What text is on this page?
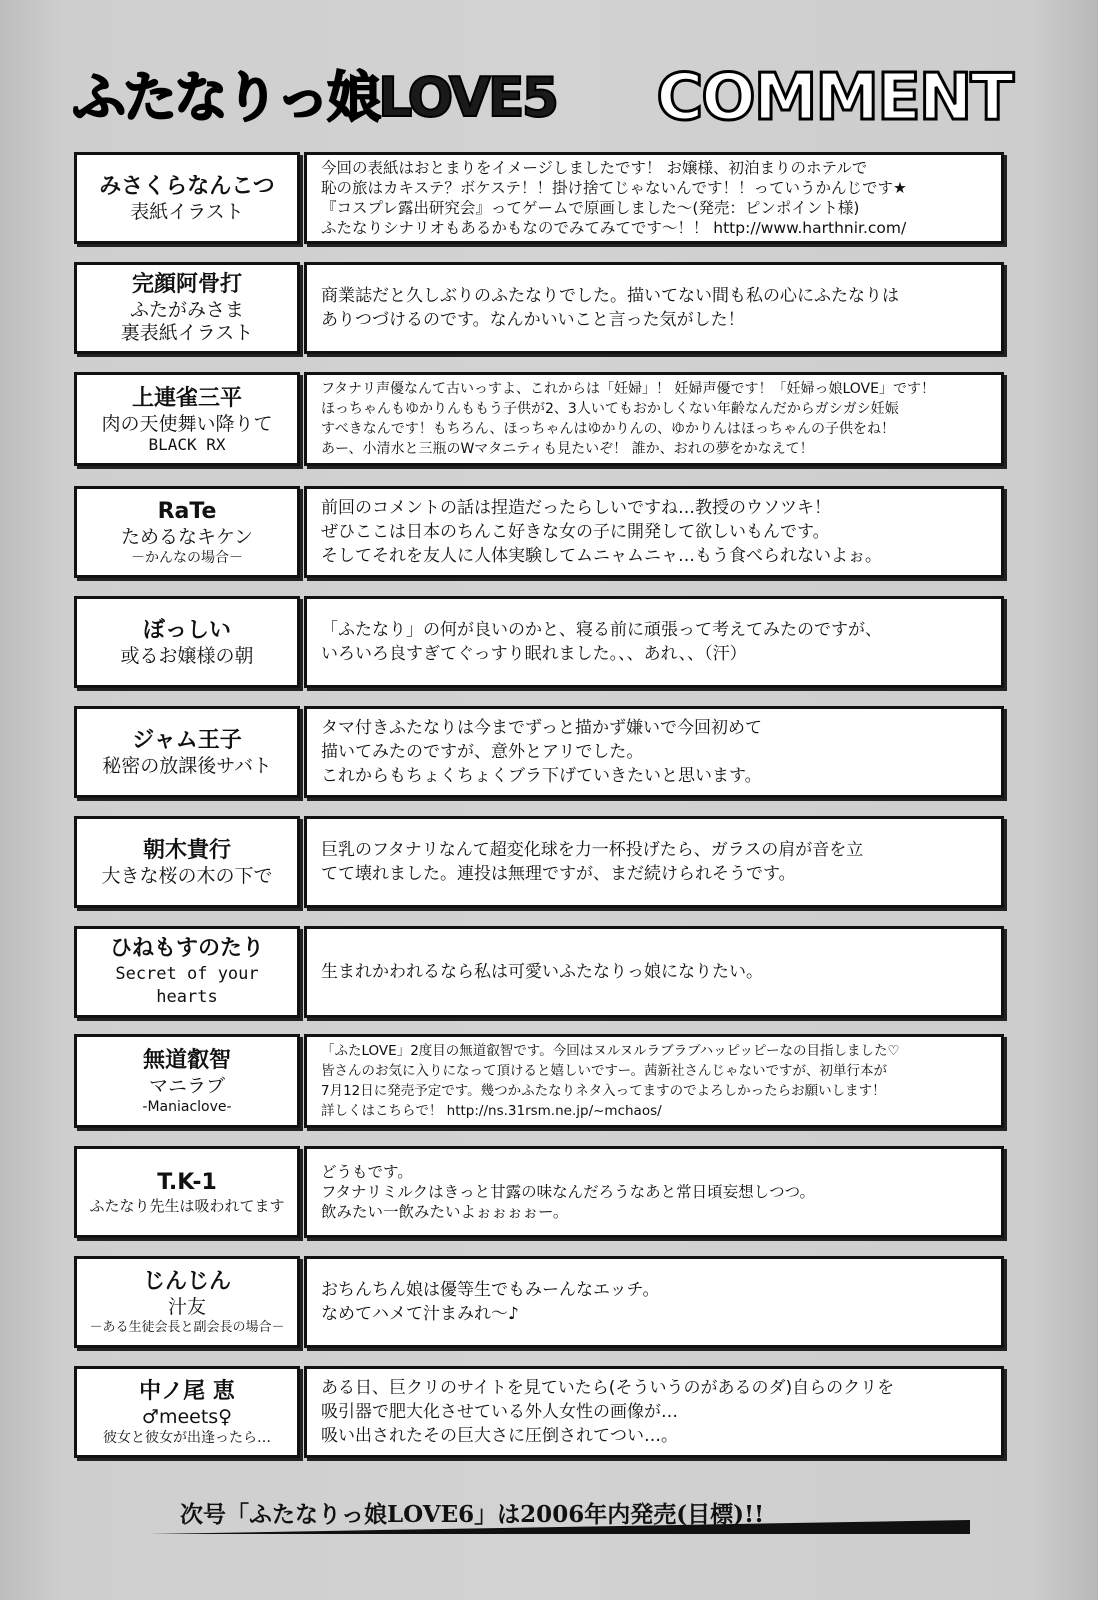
ふたなりっ娘LOVE5 COMMENT
みさくらなんこつ
表紙イラスト
今回の表紙はおとまりをイメージしましたです！ お嬢様、初泊まりのホテルで
恥の旅はカキステ？ボケステ！！掛け捨てじゃないんです！！っていうかんじです★
『コスプレ露出研究会』ってゲームで原画しました～(発売：ピンポイント様)
ふたなりシナリオもあるかもなのでみてみてです～！！ http://www.harthnir.com/
完顔阿骨打
ふたがみさま
裏表紙イラスト
商業誌だと久しぶりのふたなりでした。描いてない間も私の心にふたなりは
ありつづけるのです。なんかいいこと言った気がした！
上連雀三平
肉の天使舞い降りて
BLACK RX
フタナリ声優なんて古いっすよ、これからは「妊婦」！ 妊婦声優です！「妊婦っ娘LOVE」です！
ほっちゃんもゆかりんももう子供が2、3人いてもおかしくない年齢なんだからガシガシ妊娠
すべきなんです！もちろん、ほっちゃんはゆかりんの、ゆかりんはほっちゃんの子供をね！
あー、小清水と三瓶のWマタニティも見たいぞ！ 誰か、おれの夢をかなえて！
RaTe
ためるなキケン
－かんなの場合－
前回のコメントの話は捏造だったらしいですね…教授のウソツキ！
ぜひここは日本のちんこ好きな女の子に開発して欲しいもんです。
そしてそれを友人に人体実験してムニャムニャ…もう食べられないよぉ。
ぼっしい
或るお嬢様の朝
「ふたなり」の何が良いのかと、寝る前に頑張って考えてみたのですが、
いろいろ良すぎてぐっすり眠れました。、、あれ、、（汗）
ジャム王子
秘密の放課後サバト
タマ付きふたなりは今までずっと描かず嫌いで今回初めて
描いてみたのですが、意外とアリでした。
これからもちょくちょくブラ下げていきたいと思います。
朝木貴行
大きな桜の木の下で
巨乳のフタナリなんて超変化球を力一杯投げたら、ガラスの肩が音を立
てて壊れました。連投は無理ですが、まだ続けられそうです。
ひねもすのたり
Secret of your hearts
生まれかわれるなら私は可愛いふたなりっ娘になりたい。
無道叡智
マニラブ
-Maniaclove-
「ふたLOVE」2度目の無道叡智です。今回はヌルヌルラブラブハッピッピーなの目指しました♡
皆さんのお気に入りになって頂けると嬉しいですー。茜新社さんじゃないですが、初単行本が
7月12日に発売予定です。幾つかふたなりネタ入ってますのでよろしかったらお願いします！
詳しくはこちらで！ http://ns.31rsm.ne.jp/~mchaos/
T.K-1
ふたなり先生は吸われてます
どうもです。
フタナリミルクはきっと甘露の味なんだろうなあと常日頃妄想しつつ。
飲みたい一飲みたいよぉぉぉぉー。
じんじん
汁友
－ある生徒会長と副会長の場合－
おちんちん娘は優等生でもみーんなエッチ。
なめてハメて汁まみれ～♪
中ノ尾 恵
♂meets♀
彼女と彼女が出逢ったら…
ある日、巨クリのサイトを見ていたら(そういうのがあるのダ)自らのクリを
吸引器で肥大化させている外人女性の画像が…
吸い出されたその巨大さに圧倒されてつい…。
次号「ふたなりっ娘LOVE6」は2006年内発売(目標)!!
